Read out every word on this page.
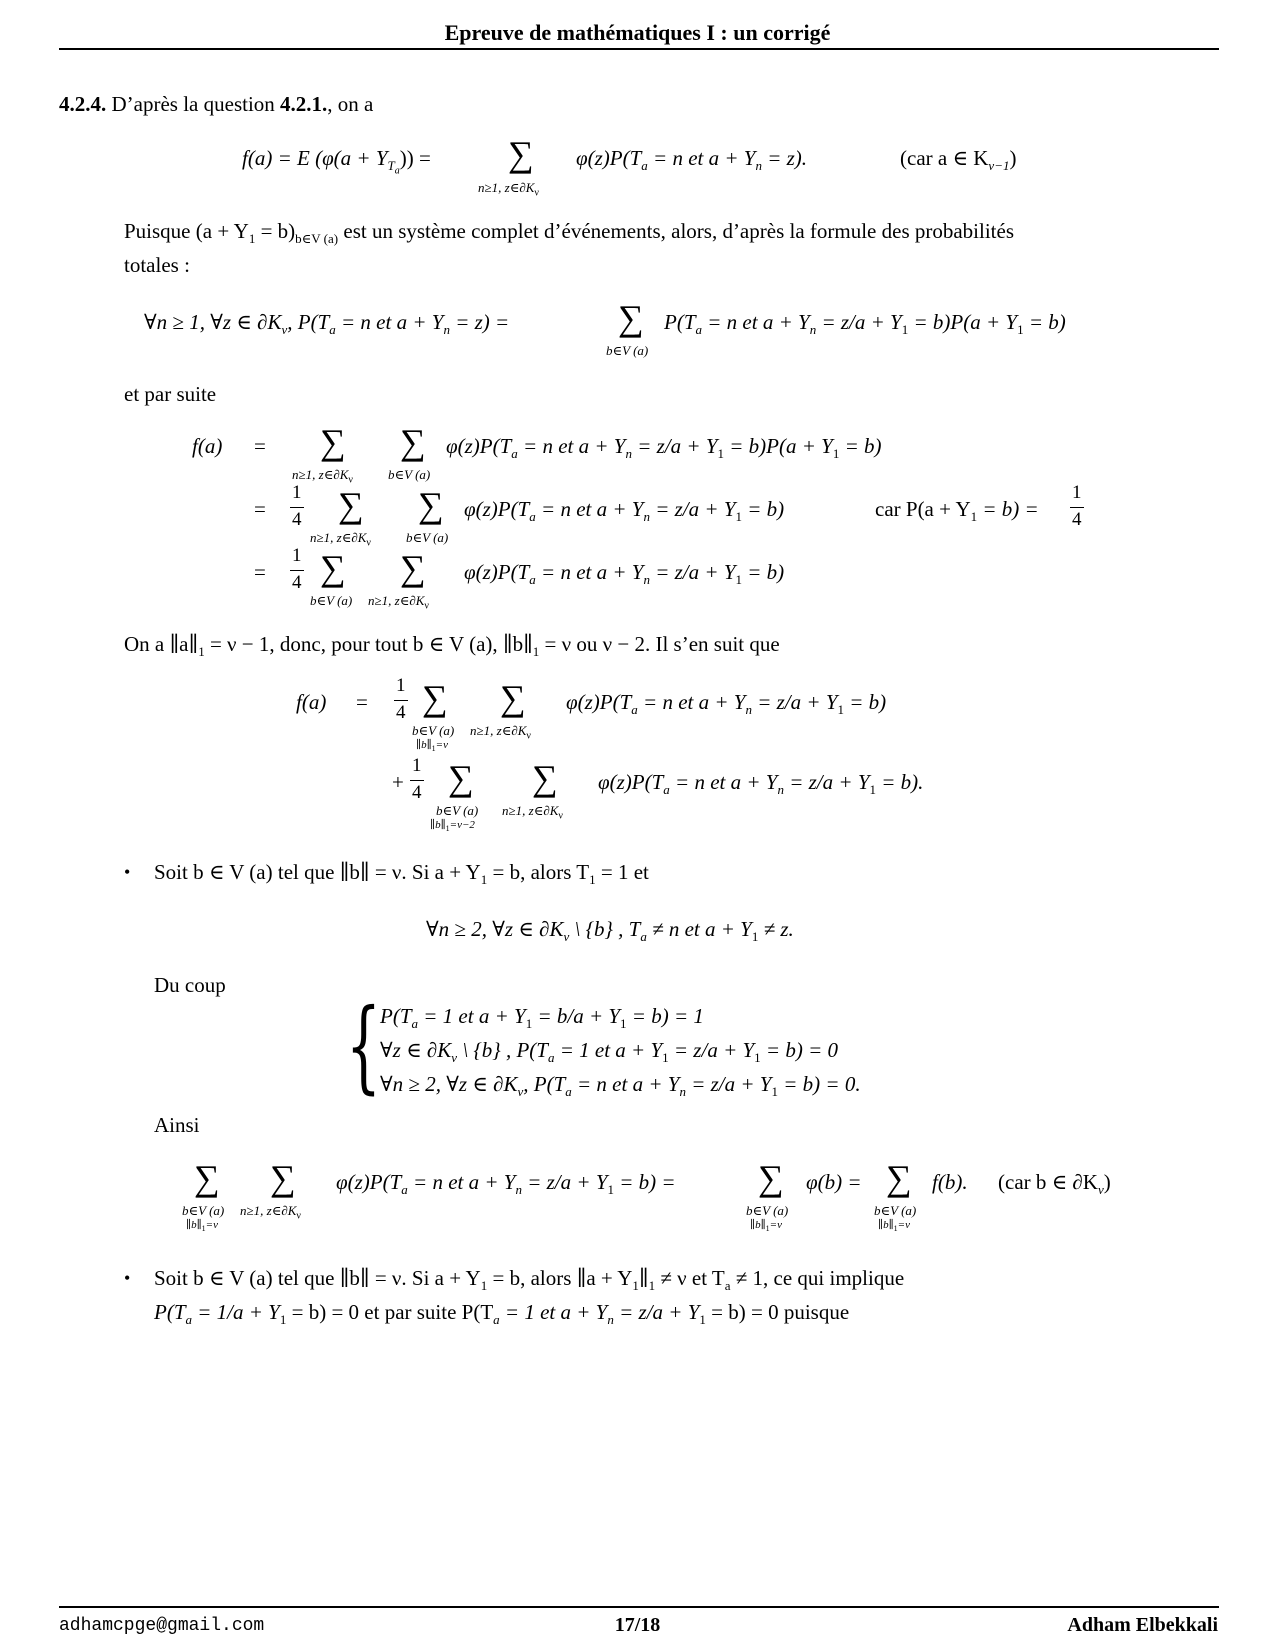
Epreuve de mathématiques I : un corrigé
4.2.4. D’après la question 4.2.1., on a
f(a) = E $(\varphi(a + Y_{T_a}))$ = ∑
n≥1, $z\in\partial K_\nu$
$\varphi(z)P(T_a = n$ et $a + Y_n = z$).	(car a ∈ $K_{\nu-1}$)
Puisque $(a + Y_1 = b)_{b\in V (a)}$ est un système complet d’événements, alors, d’après la formule des probabilités
totales :
∀n ≥ 1, ∀z ∈ $\partial K_\nu$, $P(T_a = n$ et $a + Y_n = z$) =	∑
b∈V (a)
$P(T_a = n$ et $a + Y_n = z/a + Y_1 = b)P(a + Y_1 = b)$
et par suite
f(a) = ∑ ∑
n≥1, $z\in\partial K_\nu$	b∈V (a)
$\varphi(z)P(T_a = n$ et $a + Y_n = z/a + Y_1 = b)P(a + Y_1 = b)$
=
1
4 ∑ ∑
n≥1, $z\in\partial K_\nu$	b∈V (a)
$\varphi(z)P(T_a = n$ et $a + Y_n = z/a + Y_1 = b$)	car $P(a + Y_1 = b)$ =
1
4
=
1
4 ∑ ∑
b∈V (a) n≥1, $z\in\partial K_\nu$
$\varphi(z)P(T_a = n$ et $a + Y_n = z/a + Y_1 = b$)
On a $\parallel a\parallel_1 = \nu - 1$, donc, pour tout b ∈ V (a), $\parallel b\parallel_1 = \nu$ ou ν − 2. Il s’en suit que
f(a) =
1
4 ∑ ∑
b∈V (a)
$\parallel b\parallel_1=\nu$
n≥1, $z\in\partial K_\nu$
$\varphi(z)P(T_a = n$ et $a + Y_n = z/a + Y_1 = b$)
+
1
4 ∑ ∑
b∈V (a)
$\parallel b\parallel_1=\nu-2$
n≥1, $z\in\partial K_\nu$
$\varphi(z)P(T_a = n$ et $a + Y_n = z/a + Y_1 = b$).
• Soit b ∈ V (a) tel que ∥b∥ = ν. Si $a + Y_1 = b$, alors $T_1 = 1$ et
∀n ≥ 2, ∀z ∈ $\partial K_\nu$ \ {b} , $T_a \ne n$ et $a + Y_1 \ne z$.
Du coup
{ $P(T_a = 1$ et $a + Y_1 = b/a + Y_1 = b) = 1$
∀z ∈ $\partial K_\nu$ \ {b} , $P(T_a = 1$ et $a + Y_1 = z/a + Y_1 = b) = 0$
∀n ≥ 2, ∀z ∈ $\partial K_\nu$, $P(T_a = n$ et $a + Y_n = z/a + Y_1 = b) = 0$.
Ainsi
∑ ∑
b∈V (a)
$\parallel b\parallel_1=\nu$
n≥1, $z\in\partial K_\nu$
$\varphi(z)P(T_a = n$ et $a + Y_n = z/a + Y_1 = b$) = ∑
b∈V (a)
$\parallel b\parallel_1=\nu$
φ(b) = ∑
b∈V (a)
$\parallel b\parallel_1=\nu$
f(b). (car b ∈ $\partial K_\nu$)
• Soit b ∈ V (a) tel que ∥b∥ = ν. Si $a + Y_1 = b$, alors ∥a + $Y_1\parallel_1 \ne \nu$ et $T_a \ne 1$, ce qui implique
$P(T_a = 1/a + Y_1 = b) = 0$ et par suite $P(T_a = 1$ et $a + Y_n = z/a + Y_1 = b) = 0$ puisque
adhamcpge@gmail.com	17/18	Adham Elbekkali
